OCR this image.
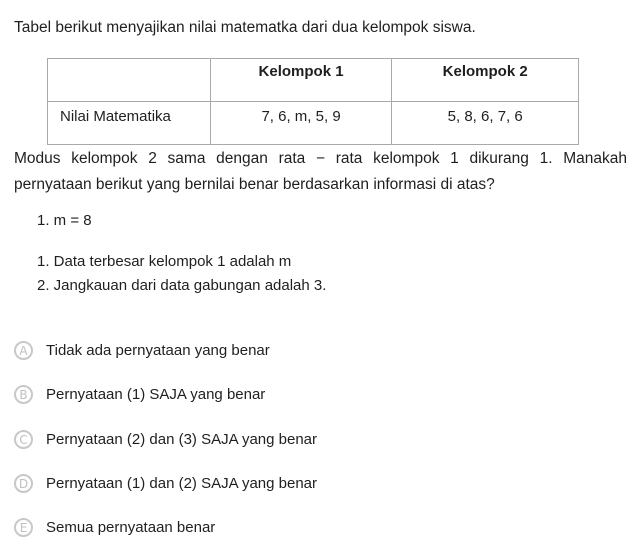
Tabel berikut menyajikan nilai matematka dari dua kelompok siswa.
	Kelompok 1	Kelompok 2
Nilai Matematika	7, 6, m, 5, 9	5, 8, 6, 7, 6
Modus kelompok 2 sama dengan rata − rata kelompok 1 dikurang 1. Manakah pernyataan berikut yang bernilai benar berdasarkan informasi di atas?
1. m = 8
1. Data terbesar kelompok 1 adalah m
2. Jangkauan dari data gabungan adalah 3.
A	Tidak ada pernyataan yang benar
B	Pernyataan (1) SAJA yang benar
C	Pernyataan (2) dan (3) SAJA yang benar
D	Pernyataan (1) dan (2) SAJA yang benar
E	Semua pernyataan benar
